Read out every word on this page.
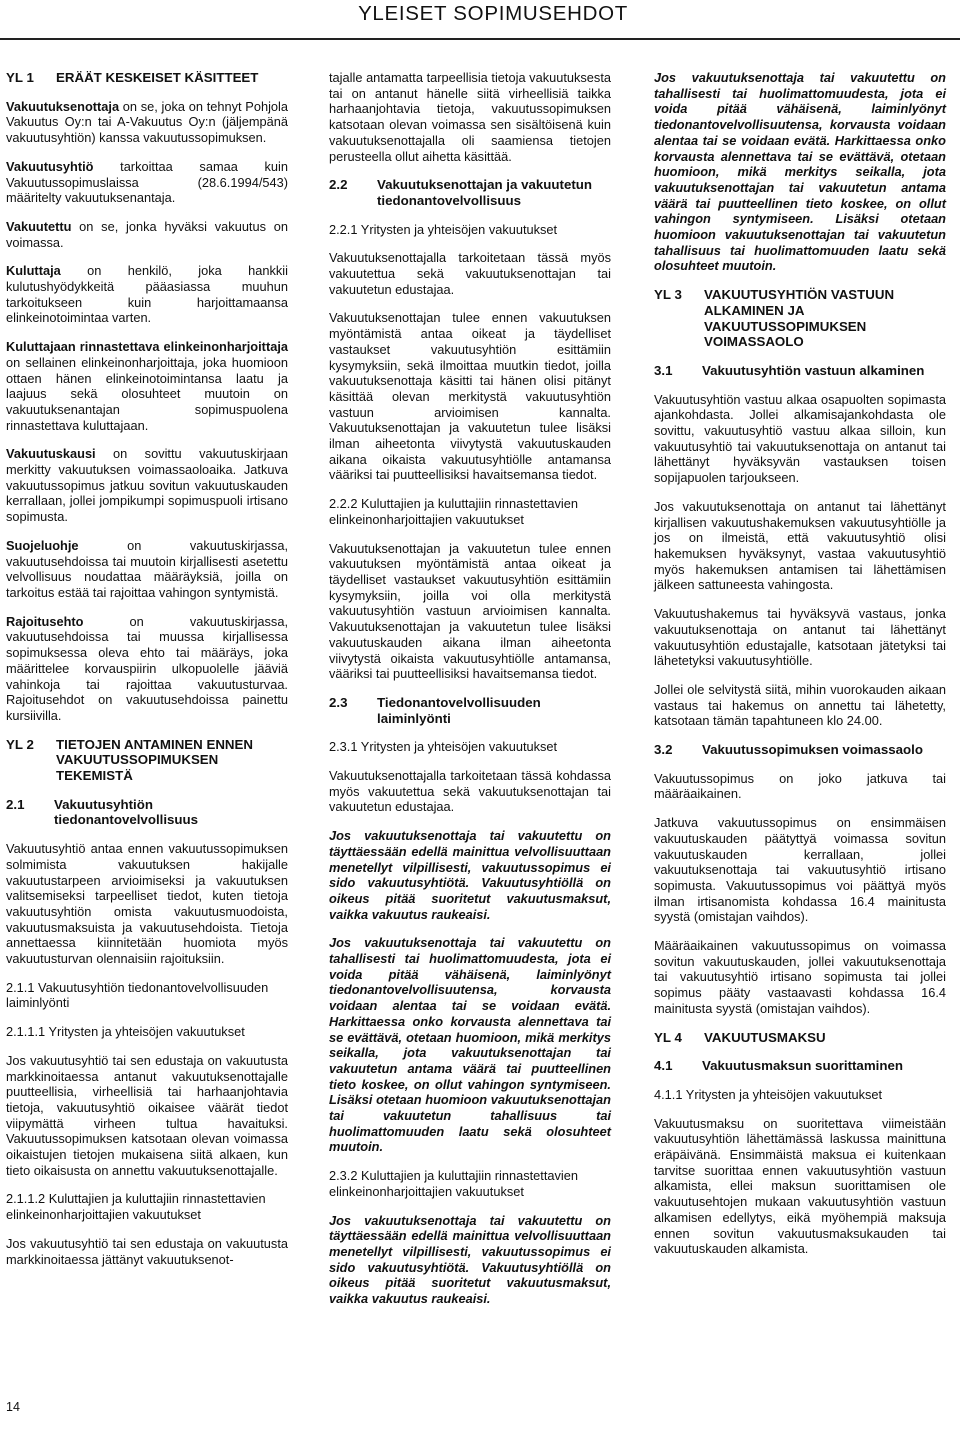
YLEISET SOPIMUSEHDOT
YL 1	ERÄÄT KESKEISET KÄSITTEET

Vakuutuksenottaja on se, joka on tehnyt Pohjola Vakuutus Oy:n tai A-Vakuutus Oy:n (jäljempänä vakuutusyhtiön) kanssa vakuutussopimuksen.

Vakuutusyhtiö tarkoittaa samaa kuin Vakuutussopimuslaissa (28.6.1994/543) määritelty vakuutuksenantaja.

Vakuutettu on se, jonka hyväksi vakuutus on voimassa.

Kuluttaja on henkilö, joka hankkii kulutushyödykkeitä pääasiassa muuhun tarkoitukseen kuin harjoittamaansa elinkeinotoimintaa varten.

Kuluttajaan rinnastettava elinkeinonharjoittaja on sellainen elinkeinonharjoittaja, joka huomioon ottaen hänen elinkeinotoimintansa laatu ja laajuus sekä olosuhteet muutoin on vakuutuksenantajan sopimuspuolena rinnastettava kuluttajaan.

Vakuutuskausi on sovittu vakuutuskirjaan merkitty vakuutuksen voimassaoloaika. Jatkuva vakuutussopimus jatkuu sovitun vakuutuskauden kerrallaan, jollei jompikumpi sopimuspuoli irtisano sopimusta.

Suojeluohje on vakuutuskirjassa, vakuutusehdoissa tai muutoin kirjallisesti asetettu velvollisuus noudattaa määräyksiä, joilla on tarkoitus estää tai rajoittaa vahingon syntymistä.

Rajoitusehto on vakuutuskirjassa, vakuutusehdoissa tai muussa kirjallisessa sopimuksessa oleva ehto tai määräys, joka määrittelee korvauspiirin ulkopuolelle jääviä vahinkoja tai rajoittaa vakuutusturvaa. Rajoitusehdot on vakuutusehdoissa painettu kursiivilla.

YL 2	TIETOJEN ANTAMINEN ENNEN VAKUUTUSSOPIMUKSEN TEKEMISTÄ
2.1	Vakuutusyhtiön tiedonantovelvollisuus

Vakuutusyhtiö antaa ennen vakuutussopimuksen solmimista vakuutuksen hakijalle vakuutustarpeen arvioimiseksi ja vakuutuksen valitsemiseksi tarpeelliset tiedot, kuten tietoja vakuutusyhtiön omista vakuutusmuodoista, vakuutusmaksuista ja vakuutusehdoista. Tietoja annettaessa kiinnitetään huomiota myös vakuutusturvan olennaisiin rajoituksiin.

2.1.1 Vakuutusyhtiön tiedonantovelvollisuuden laiminlyönti

2.1.1.1 Yritysten ja yhteisöjen vakuutukset

Jos vakuutusyhtiö tai sen edustaja on vakuutusta markkinoitaessa antanut vakuutuksenottajalle puutteellisia, virheellisiä tai harhaanjohtavia tietoja, vakuutusyhtiö oikaisee väärät tiedot viipymättä virheen tultua havaituksi. Vakuutussopimuksen katsotaan olevan voimassa oikaistujen tietojen mukaisena siitä alkaen, kun tieto oikaisusta on annettu vakuutuksenottajalle.

2.1.1.2 Kuluttajien ja kuluttajiin rinnastettavien elinkeinonharjoittajien vakuutukset

Jos vakuutusyhtiö tai sen edustaja on vakuutusta markkinoitaessa jättänyt vakuutuksenot-

tajalle antamatta tarpeellisia tietoja vakuutuksesta tai on antanut hänelle siitä virheellisiä taikka harhaanjohtavia tietoja, vakuutussopimuksen katsotaan olevan voimassa sen sisältöisenä kuin vakuutuksenottajalla oli saamiensa tietojen perusteella ollut aihetta käsittää.

2.2	Vakuutuksenottajan ja vakuutetun tiedonantovelvollisuus

2.2.1 Yritysten ja yhteisöjen vakuutukset

Vakuutuksenottajalla tarkoitetaan tässä myös vakuutettua sekä vakuutuksenottajan tai vakuutetun edustajaa.

Vakuutuksenottajan tulee ennen vakuutuksen myöntämistä antaa oikeat ja täydelliset vastaukset vakuutusyhtiön esittämiin kysymyksiin, sekä ilmoittaa muutkin tiedot, joilla vakuutuksenottaja käsitti tai hänen olisi pitänyt käsittää olevan merkitystä vakuutusyhtiön vastuun arvioimisen kannalta. Vakuutuksenottajan ja vakuutetun tulee lisäksi ilman aiheetonta viivytystä vakuutuskauden aikana oikaista vakuutusyhtiölle antamansa vääriksi tai puutteellisiksi havaitsemansa tiedot.

2.2.2 Kuluttajien ja kuluttajiin rinnastettavien elinkeinonharjoittajien vakuutukset

Vakuutuksenottajan ja vakuutetun tulee ennen vakuutuksen myöntämistä antaa oikeat ja täydelliset vastaukset vakuutusyhtiön esittämiin kysymyksiin, joilla voi olla merkitystä vakuutusyhtiön vastuun arvioimisen kannalta. Vakuutuksenottajan ja vakuutetun tulee lisäksi vakuutuskauden aikana ilman aiheetonta viivytystä oikaista vakuutusyhtiölle antamansa, vääriksi tai puutteellisiksi havaitsemansa tiedot.

2.3	Tiedonantovelvollisuuden laiminlyönti

2.3.1 Yritysten ja yhteisöjen vakuutukset

Vakuutuksenottajalla tarkoitetaan tässä kohdassa myös vakuutettua sekä vakuutuksenottajan tai vakuutetun edustajaa.

Jos vakuutuksenottaja tai vakuutettu on täyttäessään edellä mainittua velvollisuuttaan menetellyt vilpillisesti, vakuutussopimus ei sido vakuutusyhtiötä. Vakuutusyhtiöllä on oikeus pitää suoritetut vakuutusmaksut, vaikka vakuutus raukeaisi.

Jos vakuutuksenottaja tai vakuutettu on tahallisesti tai huolimattomuudesta, jota ei voida pitää vähäisenä, laiminlyönyt tiedonantovelvollisuutensa, korvausta voidaan alentaa tai se voidaan evätä. Harkittaessa onko korvausta alennettava tai se evättävä, otetaan huomioon, mikä merkitys seikalla, jota vakuutuksenottajan tai vakuutetun antama väärä tai puutteellinen tieto koskee, on ollut vahingon syntymiseen. Lisäksi otetaan huomioon vakuutuksenottajan tai vakuutetun tahallisuus tai huolimattomuuden laatu sekä olosuhteet muutoin.

2.3.2 Kuluttajien ja kuluttajiin rinnastettavien elinkeinonharjoittajien vakuutukset

Jos vakuutuksenottaja tai vakuutettu on täyttäessään edellä mainittua velvollisuuttaan menetellyt vilpillisesti, vakuutussopimus ei sido vakuutusyhtiötä. Vakuutusyhtiöllä on oikeus pitää suoritetut vakuutusmaksut, vaikka vakuutus raukeaisi.

Jos vakuutuksenottaja tai vakuutettu on tahallisesti tai huolimattomuudesta, jota ei voida pitää vähäisenä, laiminlyönyt tiedonantovelvollisuutensa, korvausta voidaan alentaa tai se voidaan evätä. Harkittaessa onko korvausta alennettava tai se evättävä, otetaan huomioon, mikä merkitys seikalla, jota vakuutuksenottajan tai vakuutetun antama väärä tai puutteellinen tieto koskee, on ollut vahingon syntymiseen. Lisäksi otetaan huomioon vakuutuksenottajan tai vakuutetun tahallisuus tai huolimattomuuden laatu sekä olosuhteet muutoin.

YL 3	VAKUUTUSYHTIÖN VASTUUN ALKAMINEN JA VAKUUTUSSOPIMUKSEN VOIMASSAOLO
3.1	Vakuutusyhtiön vastuun alkaminen

Vakuutusyhtiön vastuu alkaa osapuolten sopimasta ajankohdasta. Jollei alkamisajankohdasta ole sovittu, vakuutusyhtiö vastuu alkaa silloin, kun vakuutusyhtiö tai vakuutuksenottaja on antanut tai lähettänyt hyväksyvän vastauksen toisen sopijapuolen tarjoukseen.

Jos vakuutuksenottaja on antanut tai lähettänyt kirjallisen vakuutushakemuksen vakuutusyhtiölle ja jos on ilmeistä, että vakuutusyhtiö olisi hakemuksen hyväksynyt, vastaa vakuutusyhtiö myös hakemuksen antamisen tai lähettämisen jälkeen sattuneesta vahingosta.

Vakuutushakemus tai hyväksyvä vastaus, jonka vakuutuksenottaja on antanut tai lähettänyt vakuutusyhtiön edustajalle, katsotaan jätetyksi tai lähetetyksi vakuutusyhtiölle.

Jollei ole selvitystä siitä, mihin vuorokauden aikaan vastaus tai hakemus on annettu tai lähetetty, katsotaan tämän tapahtuneen klo 24.00.

3.2	Vakuutussopimuksen voimassaolo

Vakuutussopimus on joko jatkuva tai määräaikainen.

Jatkuva vakuutussopimus on ensimmäisen vakuutuskauden päätyttyä voimassa sovitun vakuutuskauden kerrallaan, jollei vakuutuksenottaja tai vakuutusyhtiö irtisano sopimusta. Vakuutussopimus voi päättyä myös ilman irtisanomista kohdassa 16.4 mainitusta syystä (omistajan vaihdos).

Määräaikainen vakuutussopimus on voimassa sovitun vakuutuskauden, jollei vakuutuksenottaja tai vakuutusyhtiö irtisano sopimusta tai jollei sopimus pääty vastaavasti kohdassa 16.4 mainitusta syystä (omistajan vaihdos).

YL 4	VAKUUTUSMAKSU
4.1	Vakuutusmaksun suorittaminen

4.1.1 Yritysten ja yhteisöjen vakuutukset

Vakuutusmaksu on suoritettava viimeistään vakuutusyhtiön lähettämässä laskussa mainittuna eräpäivänä. Ensimmäistä maksua ei kuitenkaan tarvitse suorittaa ennen vakuutusyhtiön vastuun alkamista, ellei maksun suorittamisen ole vakuutusehtojen mukaan vakuutusyhtiön vastuun alkamisen edellytys, eikä myöhempiä maksuja ennen sovitun vakuutusmaksukauden tai vakuutuskauden alkamista.

14
